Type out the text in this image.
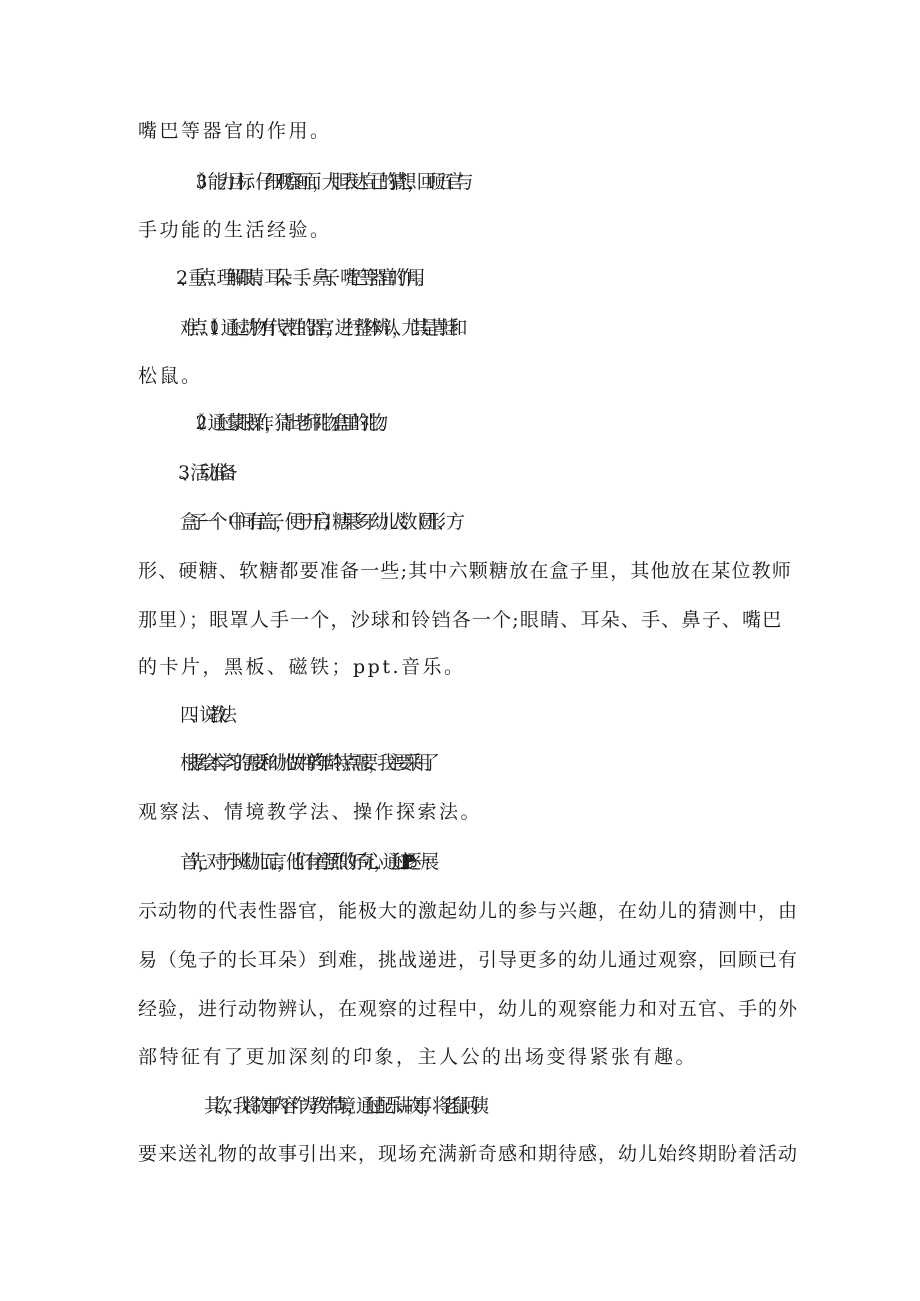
嘴巴等器官的作用。
（3）能力目标：仔细观察画面，大胆表达自己的猜想，回顾五官与
手功能的生活经验。
2、重点：理解眼睛、耳朵、手、鼻子、嘴巴等器官的作用。
难点：（1）通过动物有代表性的器官，进行整体辨认，尤其是青蛙和
松鼠。
（2）通过蒙眼操作，猜出老师礼物盒里的礼物。
3、活动准备：
盒子一个（中间有盖子，便于开启）；糖果多于幼儿人数（圆形、方
形、硬糖、软糖都要准备一些;其中六颗糖放在盒子里，其他放在某位教师
那里）；眼罩人手一个，沙球和铃铛各一个;眼睛、耳朵、手、鼻子、嘴巴
的卡片，黑板、磁铁；ppt.音乐。
四、说教法
根据绘本学习的需要和幼儿”做中学'的年龄特点需要，我主要采用了
观察法、情境教学法、操作探索法。
首先，对于小班幼儿而言，他们有着强烈的好奇心，通过PPt逐一展
示动物的代表性器官，能极大的激起幼儿的参与兴趣，在幼儿的猜测中，由
易（兔子的长耳朵）到难，挑战递进，引导更多的幼儿通过观察，回顾已有
经验，进行动物辨认，在观察的过程中，幼儿的观察能力和对五官、手的外
部特征有了更加深刻的印象，主人公的出场变得紧张有趣。
其次，我将故事内容作为教学情境，通过配乐讲故事，将老鼠阿姨
要来送礼物的故事引出来，现场充满新奇感和期待感，幼儿始终期盼着活动
